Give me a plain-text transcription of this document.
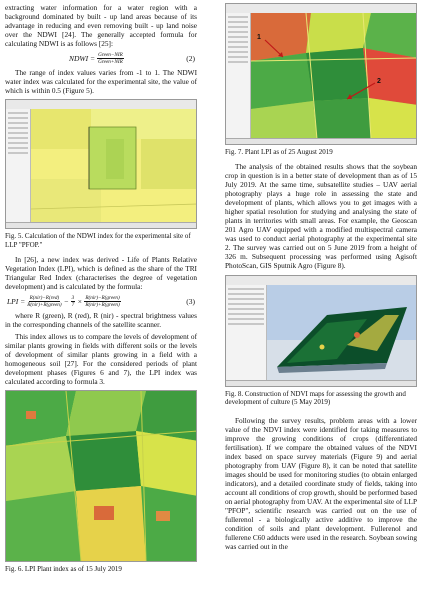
extracting water information for a water region with a background dominated by built - up land areas because of its advantage in reducing and even removing built - up land noise over the NDWI [24]. The generally accepted formula for calculating NDWI is as follows [25]:

NDWI = $\frac{\text{Green−NIR}}{\text{Green+NIR}}$	(2)

The range of index values varies from -1 to 1. The NDWI water index was calculated for the experimental site, the value of which is within 0.5 (Figure 5).

Fig. 5. Calculation of the NDWI index for the experimental site of LLP "PFOP."

In [26], a new index was derived - Life of Plants Relative Vegetation Index (LPI), which is defined as the share of the TRI Triangular Red Index (characterises the degree of vegetation development) and is calculated by the formula:

LPI = $\frac{\text{R(nir)−R(red)}}{\text{R(nir)+R(green)}} - \frac{3}{7} \times \frac{\text{R(nir)−R(green)}}{\text{R(nir)+R(green)}}$	(3)

where R (green), R (red), R (nir) - spectral brightness values in the corresponding channels of the satellite scanner.

This index allows us to compare the levels of development of similar plants growing in fields with different soils or the levels of development of similar plants growing in a field with a homogeneous soil [27]. For the considered periods of plant development phases (Figures 6 and 7), the LPI index was calculated according to formula 3.

Fig. 6. LPI Plant index as of 15 July 2019

1
2

Fig. 7. Plant LPI as of 25 August 2019

The analysis of the obtained results shows that the soybean crop in question is in a better state of development than as of 15 July 2019. At the same time, subsatellite studies – UAV aerial photography plays a huge role in assessing the state and development of plants, which allows you to get images with a higher spatial resolution for studying and analysing the state of plants in territories with small areas. For example, the Geoscan 201 Agro UAV equipped with a modified multispectral camera was used to conduct aerial photography at the experimental site 2. The survey was carried out on 5 June 2019 from a height of 326 m. Subsequent processing was performed using Agisoft PhotoScan, GIS Sputnik Agro (Figure 8).

Fig. 8. Construction of NDVI maps for assessing the growth and development of culture (5 May 2019)

Following the survey results, problem areas with a lower value of the NDVI index were identified for taking measures to improve the growing conditions of crops (differentiated fertilisation). If we compare the obtained values of the NDVI index based on space survey materials (Figure 9) and aerial photography from UAV (Figure 8), it can be noted that satellite images should be used for monitoring studies (to obtain enlarged indicators), and a detailed coordinate study of fields, taking into account all conditions of crop growth, should be performed based on aerial photography from UAV. At the experimental site of LLP "PFOP", scientific research was carried out on the use of fullerenol - a biologically active additive to improve the condition of soils and plant development. Fullerenol and fullerene C60 adducts were used in the research. Soybean sowing was carried out in the
